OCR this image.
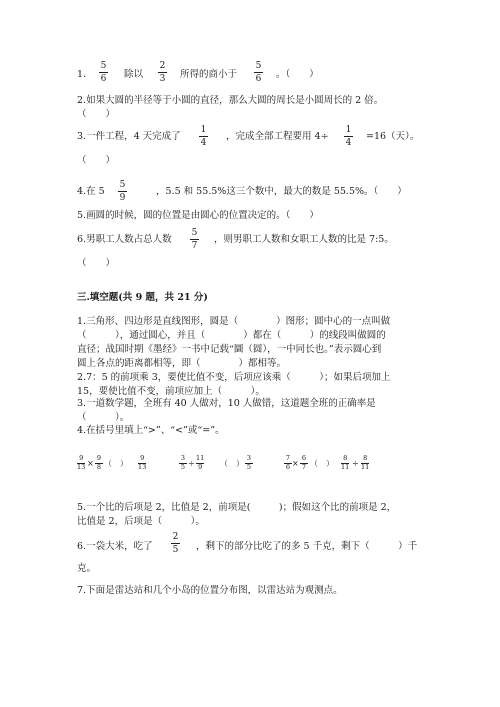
1.
5
6 除以
2
3 所得的商小于
5
6 。（　　）
2.如果大圆的半径等于小圆的直径，那么大圆的周长是小圆周长的 2 倍。
（　　）
3.一件工程，4 天完成了
1
4
，完成全部工程要用 4÷
1
4
=16（天）。
（　　）
4.在 5
5
9
，5.5 和 55.5%这三个数中，最大的数是 55.5%。（　　）
5.画圆的时候，圆的位置是由圆心的位置决定的。（　　）
6.男职工人数占总人数
5
7
，则男职工人数和女职工人数的比是 7:5。
（　　）
三.填空题(共 9 题，共 21 分)
1.三角形、四边形是直线图形，圆是（　　　　）图形；圆中心的一点叫做
（　　　），通过圆心，并且（　　　　）都在（　　　）的线段叫做圆的
直径；战国时期《墨经》一书中记载“圜（圆），一中同长也。”表示圆心到
圆上各点的距离都相等，即（　　　　）都相等。
2.7：5 的前项乘 3，要使比值不变，后项应该乘（　　　）；如果后项加上
15，要使比值不变，前项应加上（　　　）。
3.一道数学题，全班有 40 人做对，10 人做错，这道题全班的正确率是
（　　　）。
4.在括号里填上“>”、“<”或“=”。
9
13 ×
9
8 （　）
9
13
3
5 ÷
11
9 （　）
3
5
7
6 ×
6
7 （　）
8
11 ÷
8
11
5.一个比的后项是 2，比值是 2，前项是(　　　)；假如这个比的前项是 2，
比值是 2，后项是（　　　）。
6.一袋大米，吃了
2
5 ，剩下的部分比吃了的多 5 千克，剩下（　　　）千
克。
7.下面是雷达站和几个小岛的位置分布图，以雷达站为观测点。
